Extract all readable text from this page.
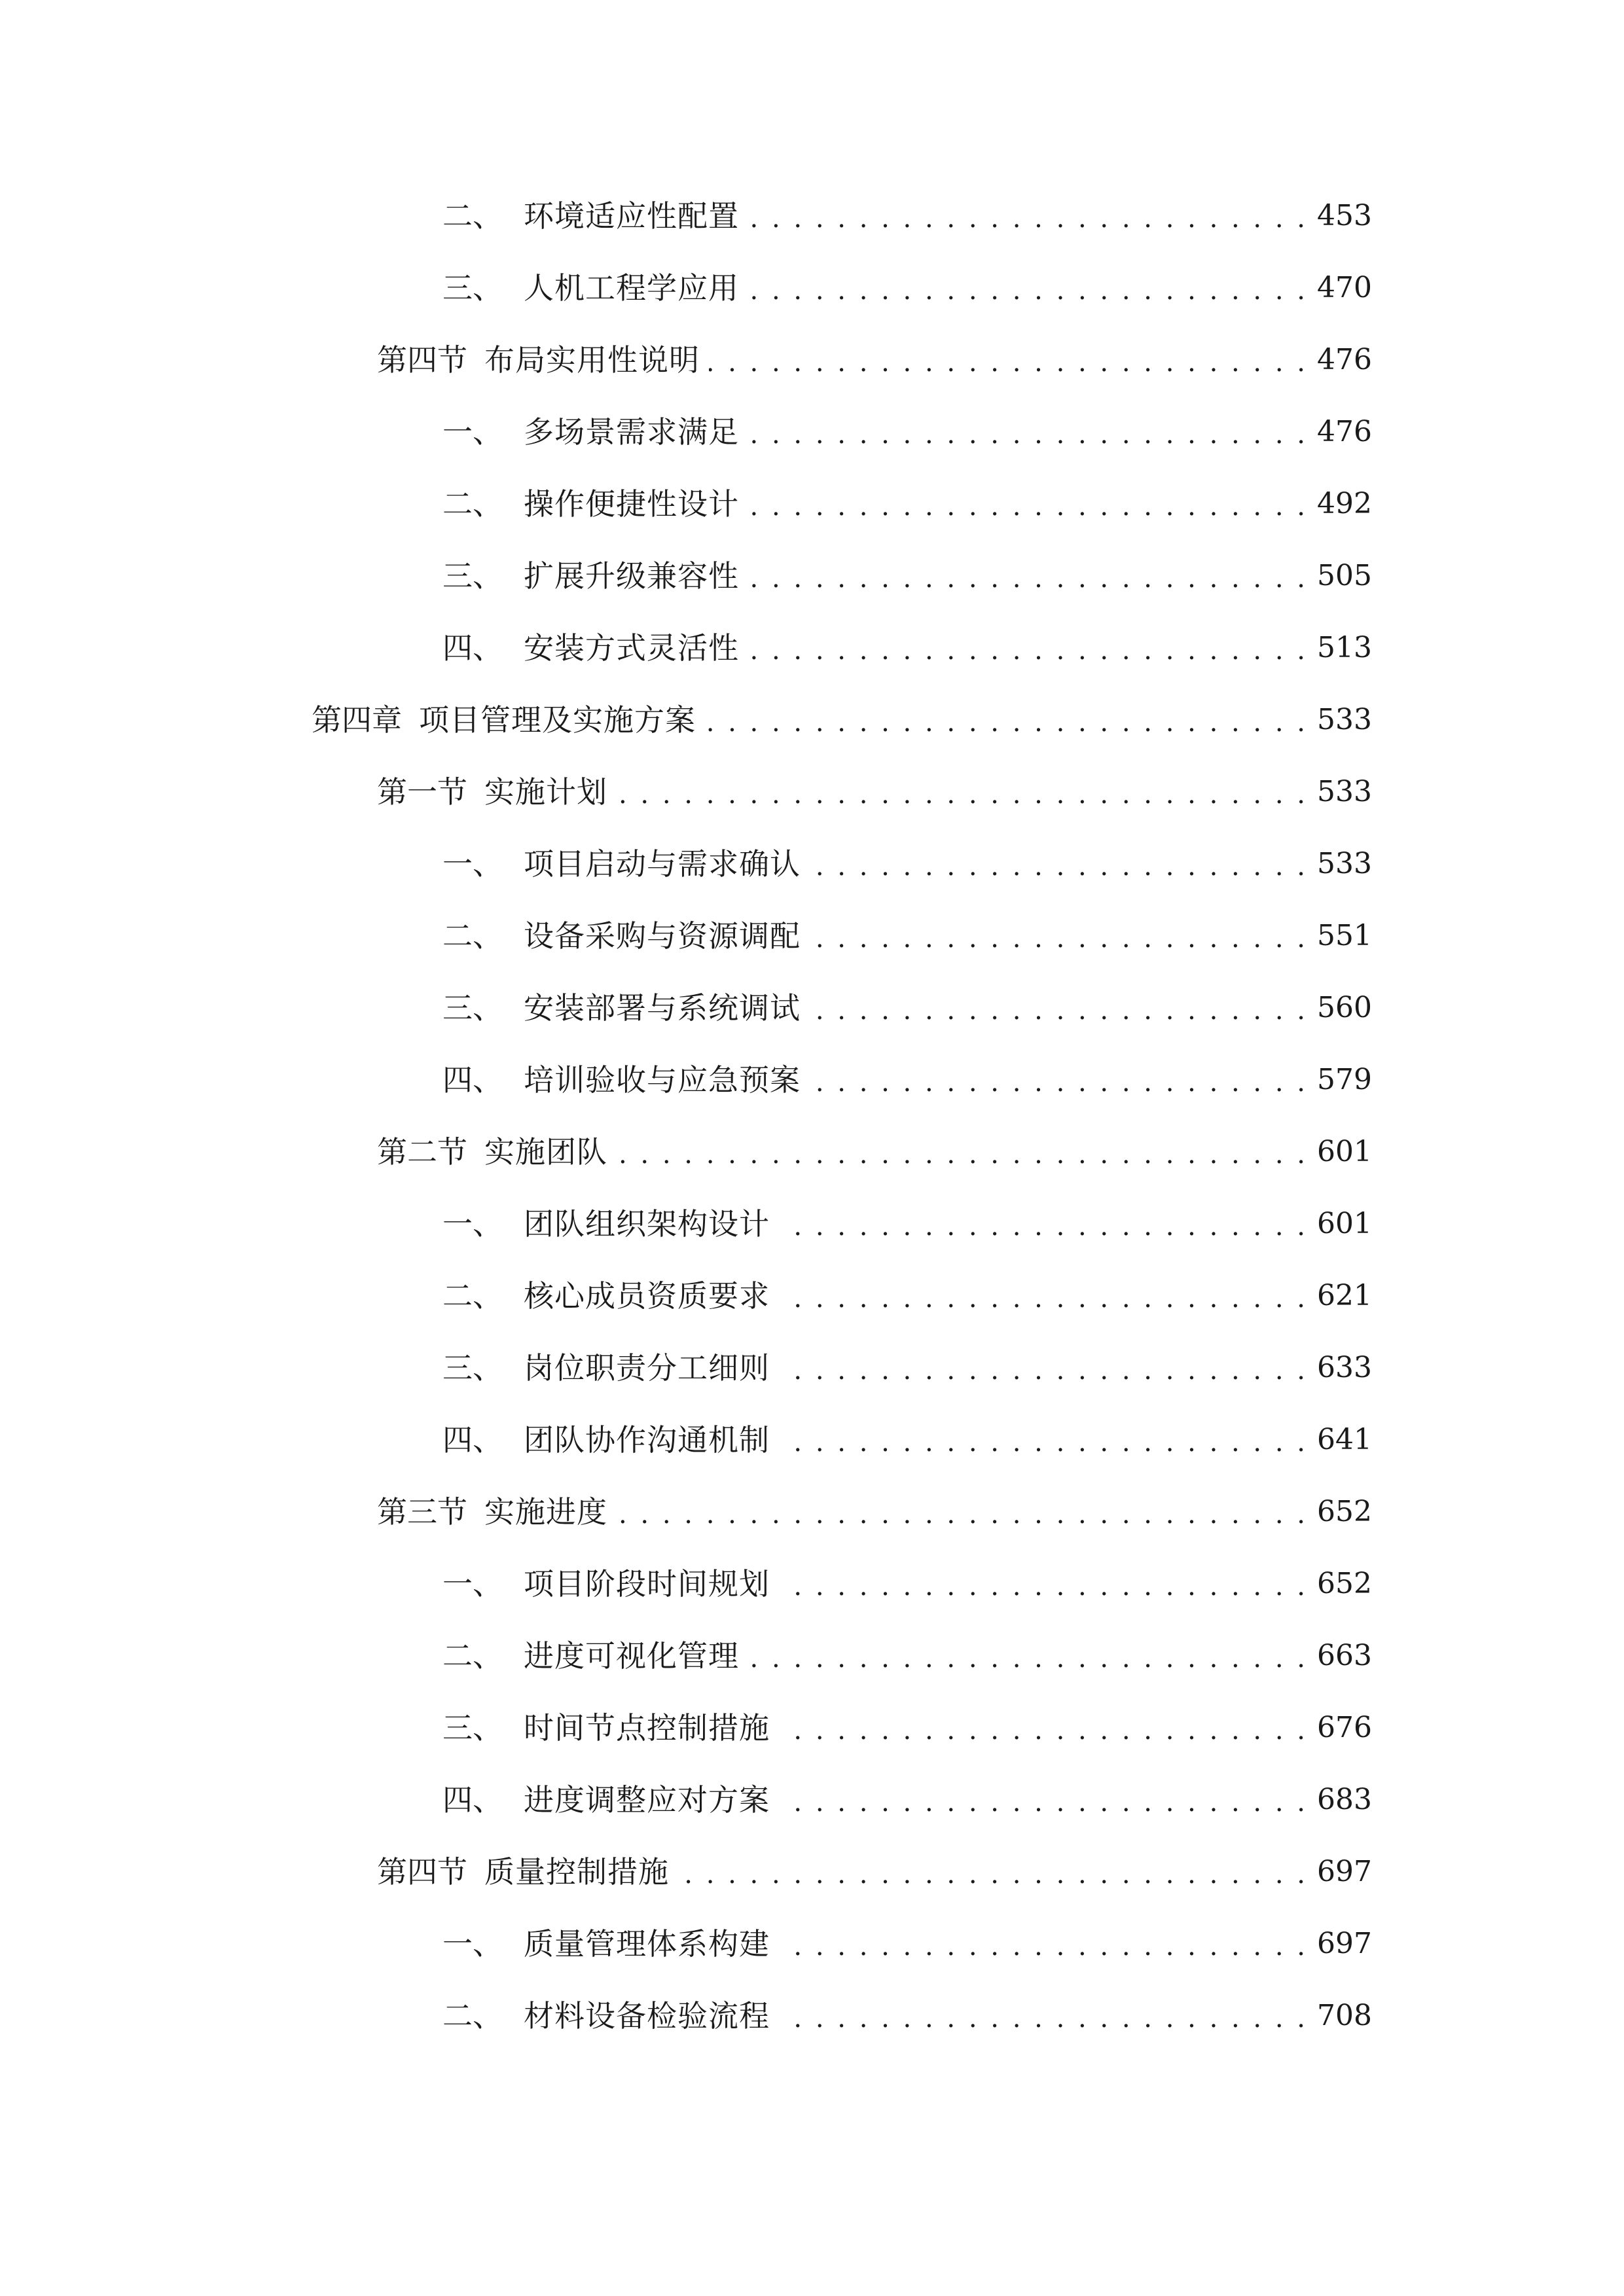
二、 环境适应性配置 . . .	453
三、 人机工程学应用 . . .	470
第四节 布局实用性说明 . . .	476
一、 多场景需求满足 . . .	476
二、 操作便捷性设计 . . .	492
三、 扩展升级兼容性 . . .	505
四、 安装方式灵活性 . . .	513
第四章 项目管理及实施方案 . . .	533
第一节 实施计划 . . .	533
一、 项目启动与需求确认 . . .	533
二、 设备采购与资源调配 . . .	551
三、 安装部署与系统调试 . . .	560
四、 培训验收与应急预案 . . .	579
第二节 实施团队 . . .	601
一、 团队组织架构设计 . . .	601
二、 核心成员资质要求 . . .	621
三、 岗位职责分工细则 . . .	633
四、 团队协作沟通机制 . . .	641
第三节 实施进度 . . .	652
一、 项目阶段时间规划 . . .	652
二、 进度可视化管理 . . .	663
三、 时间节点控制措施 . . .	676
四、 进度调整应对方案 . . .	683
第四节 质量控制措施 . . .	697
一、 质量管理体系构建 . . .	697
二、 材料设备检验流程 . . .	708
